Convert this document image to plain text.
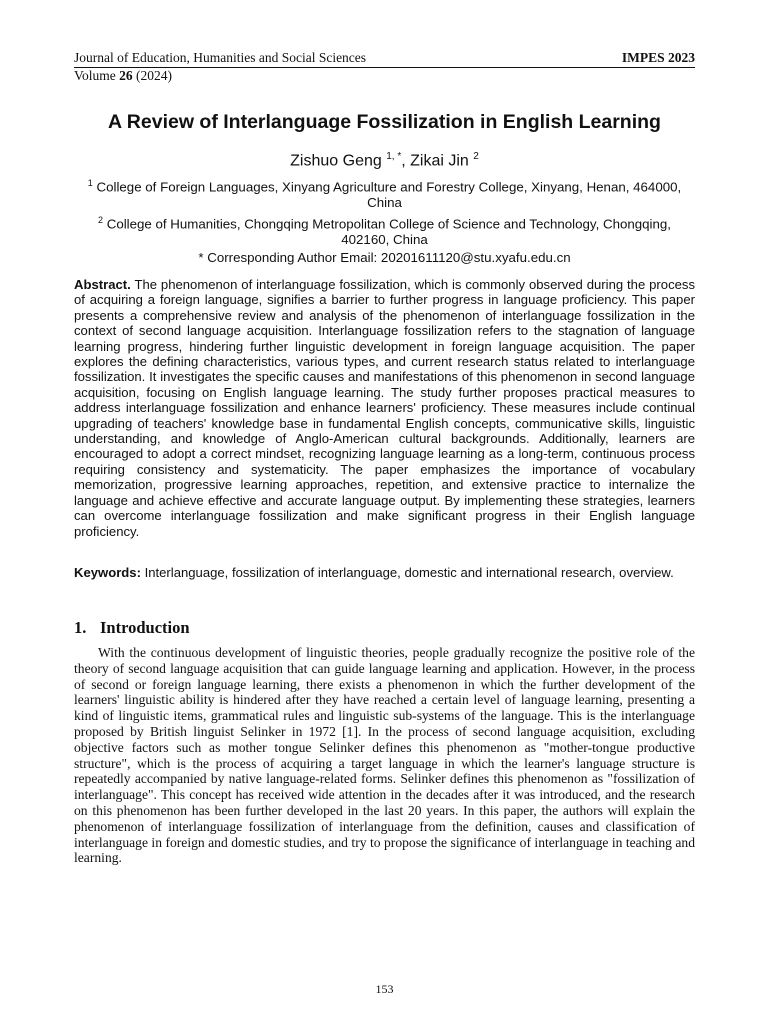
Journal of Education, Humanities and Social Sciences	IMPES 2023
Volume 26 (2024)
A Review of Interlanguage Fossilization in English Learning
Zishuo Geng $^{1, *}$, Zikai Jin $^2$
$^1$ College of Foreign Languages, Xinyang Agriculture and Forestry College, Xinyang, Henan, 464000, China
$^2$ College of Humanities, Chongqing Metropolitan College of Science and Technology, Chongqing, 402160, China
* Corresponding Author Email: 20201611120@stu.xyafu.edu.cn
Abstract. The phenomenon of interlanguage fossilization, which is commonly observed during the process of acquiring a foreign language, signifies a barrier to further progress in language proficiency. This paper presents a comprehensive review and analysis of the phenomenon of interlanguage fossilization in the context of second language acquisition. Interlanguage fossilization refers to the stagnation of language learning progress, hindering further linguistic development in foreign language acquisition. The paper explores the defining characteristics, various types, and current research status related to interlanguage fossilization. It investigates the specific causes and manifestations of this phenomenon in second language acquisition, focusing on English language learning. The study further proposes practical measures to address interlanguage fossilization and enhance learners' proficiency. These measures include continual upgrading of teachers' knowledge base in fundamental English concepts, communicative skills, linguistic understanding, and knowledge of Anglo-American cultural backgrounds. Additionally, learners are encouraged to adopt a correct mindset, recognizing language learning as a long-term, continuous process requiring consistency and systematicity. The paper emphasizes the importance of vocabulary memorization, progressive learning approaches, repetition, and extensive practice to internalize the language and achieve effective and accurate language output. By implementing these strategies, learners can overcome interlanguage fossilization and make significant progress in their English language proficiency.
Keywords: Interlanguage, fossilization of interlanguage, domestic and international research, overview.
1. Introduction
With the continuous development of linguistic theories, people gradually recognize the positive role of the theory of second language acquisition that can guide language learning and application. However, in the process of second or foreign language learning, there exists a phenomenon in which the further development of the learners' linguistic ability is hindered after they have reached a certain level of language learning, presenting a kind of linguistic items, grammatical rules and linguistic sub-systems of the language. This is the interlanguage proposed by British linguist Selinker in 1972 [1]. In the process of second language acquisition, excluding objective factors such as mother tongue Selinker defines this phenomenon as "mother-tongue productive structure", which is the process of acquiring a target language in which the learner's language structure is repeatedly accompanied by native language-related forms. Selinker defines this phenomenon as "fossilization of interlanguage". This concept has received wide attention in the decades after it was introduced, and the research on this phenomenon has been further developed in the last 20 years. In this paper, the authors will explain the phenomenon of interlanguage fossilization of interlanguage from the definition, causes and classification of interlanguage in foreign and domestic studies, and try to propose the significance of interlanguage in teaching and learning.
153
